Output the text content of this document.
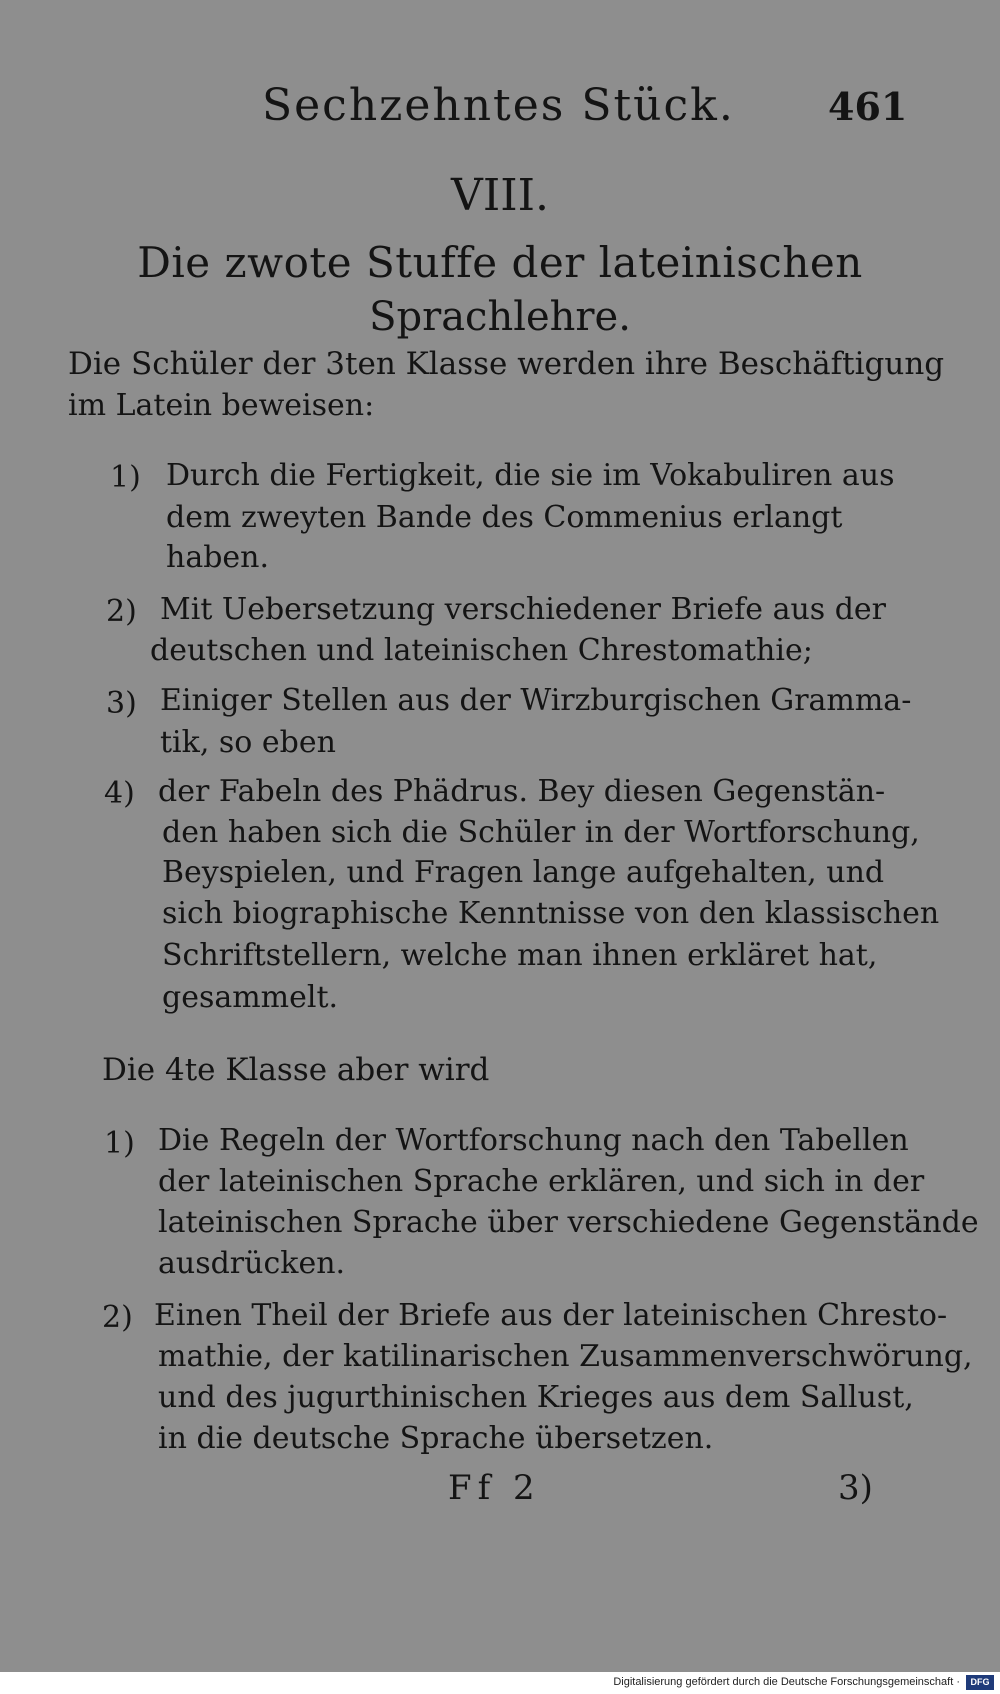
Sechzehntes Stück. 461
VIII.
Die zwote Stuffe der lateinischen
Sprachlehre.
Die Schüler der 3ten Klasse werden ihre Beschäftigung
im Latein beweisen:
1) Durch die Fertigkeit, die sie im Vokabuliren aus
dem zweyten Bande des Commenius erlangt
haben.
2) Mit Uebersetzung verschiedener Briefe aus der
deutschen und lateinischen Chrestomathie;
3) Einiger Stellen aus der Wirzburgischen Gramma-
tik, so eben
4) der Fabeln des Phädrus. Bey diesen Gegenstän-
den haben sich die Schüler in der Wortforschung,
Beyspielen, und Fragen lange aufgehalten, und
sich biographische Kenntnisse von den klassischen
Schriftstellern, welche man ihnen erkläret hat,
gesammelt.
Die 4te Klasse aber wird
1) Die Regeln der Wortforschung nach den Tabellen
der lateinischen Sprache erklären, und sich in der
lateinischen Sprache über verschiedene Gegenstände
ausdrücken.
2) Einen Theil der Briefe aus der lateinischen Chresto-
mathie, der katilinarischen Zusammenverschwörung,
und des jugurthinischen Krieges aus dem Sallust,
in die deutsche Sprache übersetzen.
Ff 2	3)
Digitalisierung gefördert durch die Deutsche Forschungsgemeinschaft ·	DFG
